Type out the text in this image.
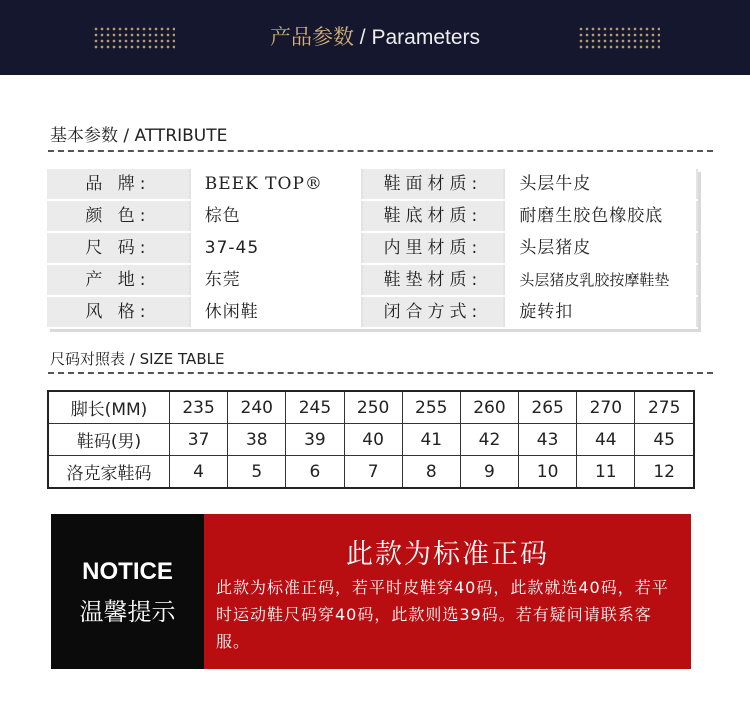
产品参数 / Parameters
基本参数 / ATTRIBUTE
品 牌:	BEEK TOP®	鞋面材质:	头层牛皮
颜 色:	棕色	鞋底材质:	耐磨生胶色橡胶底
尺 码:	37-45	内里材质:	头层猪皮
产 地:	东莞	鞋垫材质:	头层猪皮乳胶按摩鞋垫
风 格:	休闲鞋	闭合方式:	旋转扣
尺码对照表 / SIZE TABLE
脚长(MM)	235	240	245	250	255	260	265	270	275
鞋码(男)	37	38	39	40	41	42	43	44	45
洛克家鞋码	4	5	6	7	8	9	10	11	12
NOTICE
温馨提示
此款为标准正码
此款为标准正码，若平时皮鞋穿40码，此款就选40码，若平时运动鞋尺码穿40码，此款则选39码。若有疑问请联系客服。
